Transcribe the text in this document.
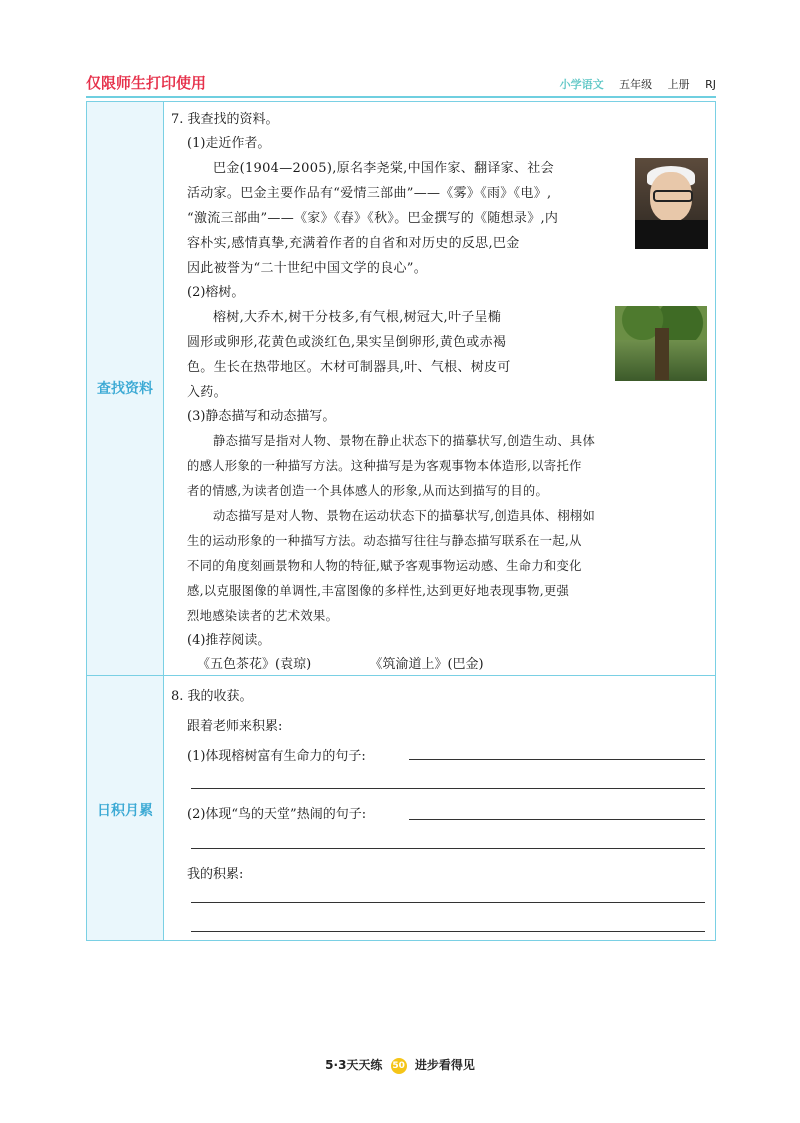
仅限师生打印使用	小学语文 五年级 上册 RJ
查找资料
日积月累

7. 我查找的资料。

(1)走近作者。

巴金(1904—2005),原名李尧棠,中国作家、翻译家、社会

活动家。巴金主要作品有“爱情三部曲”——《雾》《雨》《电》,

“激流三部曲”——《家》《春》《秋》。巴金撰写的《随想录》,内

容朴实,感情真挚,充满着作者的自省和对历史的反思,巴金

因此被誉为“二十世纪中国文学的良心”。

(2)榕树。

榕树,大乔木,树干分枝多,有气根,树冠大,叶子呈椭

圆形或卵形,花黄色或淡红色,果实呈倒卵形,黄色或赤褐

色。生长在热带地区。木材可制器具,叶、气根、树皮可

入药。

(3)静态描写和动态描写。

静态描写是指对人物、景物在静止状态下的描摹状写,创造生动、具体

的感人形象的一种描写方法。这种描写是为客观事物本体造形,以寄托作

者的情感,为读者创造一个具体感人的形象,从而达到描写的目的。

动态描写是对人物、景物在运动状态下的描摹状写,创造具体、栩栩如

生的运动形象的一种描写方法。动态描写往往与静态描写联系在一起,从

不同的角度刻画景物和人物的特征,赋予客观事物运动感、生命力和变化

感,以克服图像的单调性,丰富图像的多样性,达到更好地表现事物,更强

烈地感染读者的艺术效果。

(4)推荐阅读。

《五色茶花》(袁琼)	《筑渝道上》(巴金)

8. 我的收获。

跟着老师来积累:

(1)体现榕树富有生命力的句子:

(2)体现“鸟的天堂”热闹的句子:

我的积累:

5·3天天练 50 进步看得见
